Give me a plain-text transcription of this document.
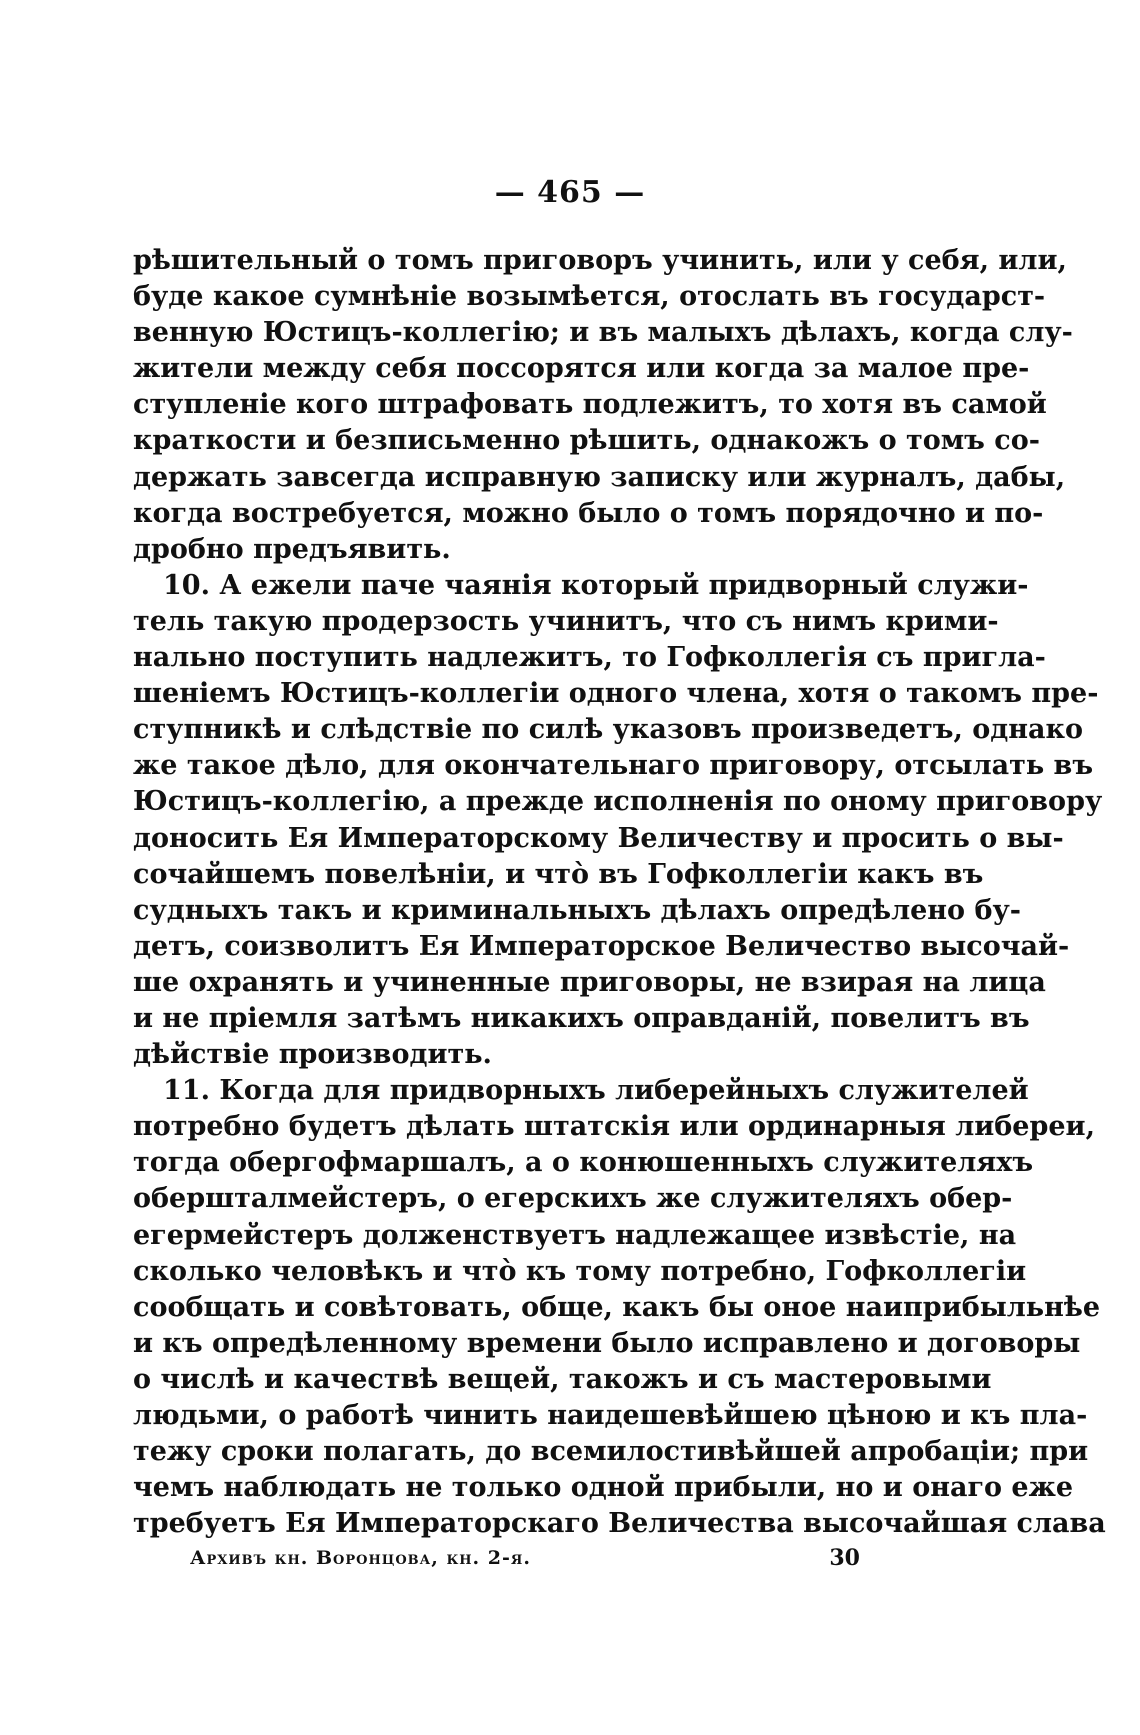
— 465 —
рѣшительный о томъ приговоръ учинить, или у себя, или,
буде какое сумнѣніе возымѣется, отослать въ государст-
венную Юстицъ-коллегію; и въ малыхъ дѣлахъ, когда слу-
жители между себя поссорятся или когда за малое пре-
ступленіе кого штрафовать подлежитъ, то хотя въ самой
краткости и безписьменно рѣшить, однакожъ о томъ со-
держать завсегда исправную записку или журналъ, дабы,
когда востребуется, можно было о томъ порядочно и по-
дробно предъявить.
10. А ежели паче чаянія который придворный служи-
тель такую продерзость учинитъ, что съ нимъ крими-
нально поступить надлежитъ, то Гофколлегія съ пригла-
шеніемъ Юстицъ-коллегіи одного члена, хотя о такомъ пре-
ступникѣ и слѣдствіе по силѣ указовъ произведетъ, однако
же такое дѣло, для окончательнаго приговору, отсылать въ
Юстицъ-коллегію, а прежде исполненія по оному приговору
доносить Ея Императорскому Величеству и просить о вы-
сочайшемъ повелѣніи, и что̀ въ Гофколлегіи какъ въ
судныхъ такъ и криминальныхъ дѣлахъ опредѣлено бу-
детъ, соизволитъ Ея Императорское Величество высочай-
ше охранять и учиненные приговоры, не взирая на лица
и не пріемля затѣмъ никакихъ оправданій, повелитъ въ
дѣйствіе производить.
11. Когда для придворныхъ либерейныхъ служителей
потребно будетъ дѣлать штатскія или ординарныя либереи,
тогда обергофмаршалъ, а о конюшенныхъ служителяхъ
обершталмейстеръ, о егерскихъ же служителяхъ обер-
егермейстеръ долженствуетъ надлежащее извѣстіе, на
сколько человѣкъ и что̀ къ тому потребно, Гофколлегіи
сообщать и совѣтовать, обще, какъ бы оное наиприбыльнѣе
и къ опредѣленному времени было исправлено и договоры
о числѣ и качествѣ вещей, такожъ и съ мастеровыми
людьми, о работѣ чинить наидешевѣйшею цѣною и къ пла-
тежу сроки полагать, до всемилостивѣйшей апробаціи; при
чемъ наблюдать не только одной прибыли, но и онаго еже
требуетъ Ея Императорскаго Величества высочайшая слава
Архивъ кн. Воронцова, кн. 2-я.	30
